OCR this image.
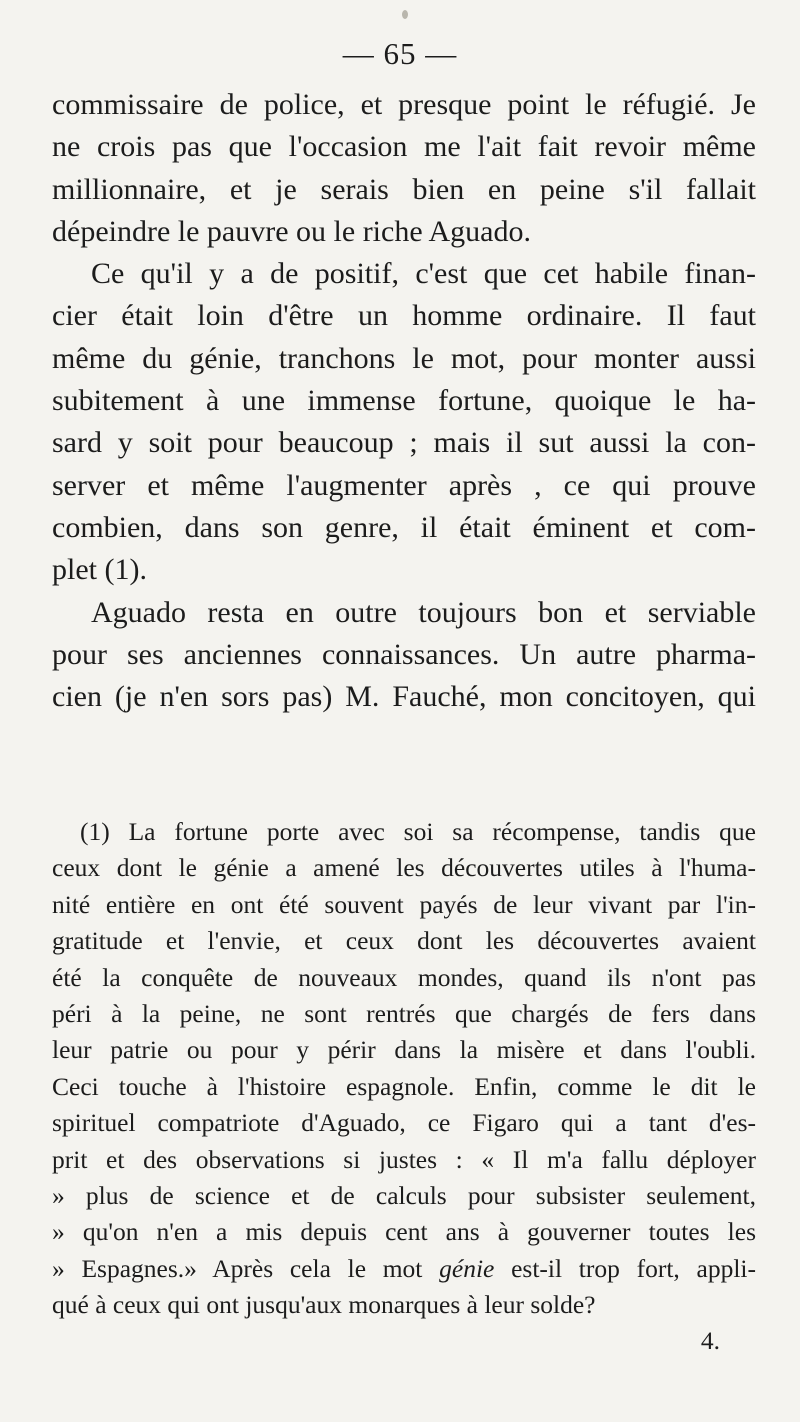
— 65 —
commissaire de police, et presque point le réfugié. Je
ne crois pas que l'occasion me l'ait fait revoir même
millionnaire, et je serais bien en peine s'il fallait
dépeindre le pauvre ou le riche Aguado.
Ce qu'il y a de positif, c'est que cet habile finan-
cier était loin d'être un homme ordinaire. Il faut
même du génie, tranchons le mot, pour monter aussi
subitement à une immense fortune, quoique le ha-
sard y soit pour beaucoup ; mais il sut aussi la con-
server et même l'augmenter après , ce qui prouve
combien, dans son genre, il était éminent et com-
plet (1).
Aguado resta en outre toujours bon et serviable
pour ses anciennes connaissances. Un autre pharma-
cien (je n'en sors pas) M. Fauché, mon concitoyen, qui
(1) La fortune porte avec soi sa récompense, tandis que
ceux dont le génie a amené les découvertes utiles à l'huma-
nité entière en ont été souvent payés de leur vivant par l'in-
gratitude et l'envie, et ceux dont les découvertes avaient
été la conquête de nouveaux mondes, quand ils n'ont pas
péri à la peine, ne sont rentrés que chargés de fers dans
leur patrie ou pour y périr dans la misère et dans l'oubli.
Ceci touche à l'histoire espagnole. Enfin, comme le dit le
spirituel compatriote d'Aguado, ce Figaro qui a tant d'es-
prit et des observations si justes : « Il m'a fallu déployer
» plus de science et de calculs pour subsister seulement,
» qu'on n'en a mis depuis cent ans à gouverner toutes les
» Espagnes.» Après cela le mot génie est-il trop fort, appli-
qué à ceux qui ont jusqu'aux monarques à leur solde?
4.
